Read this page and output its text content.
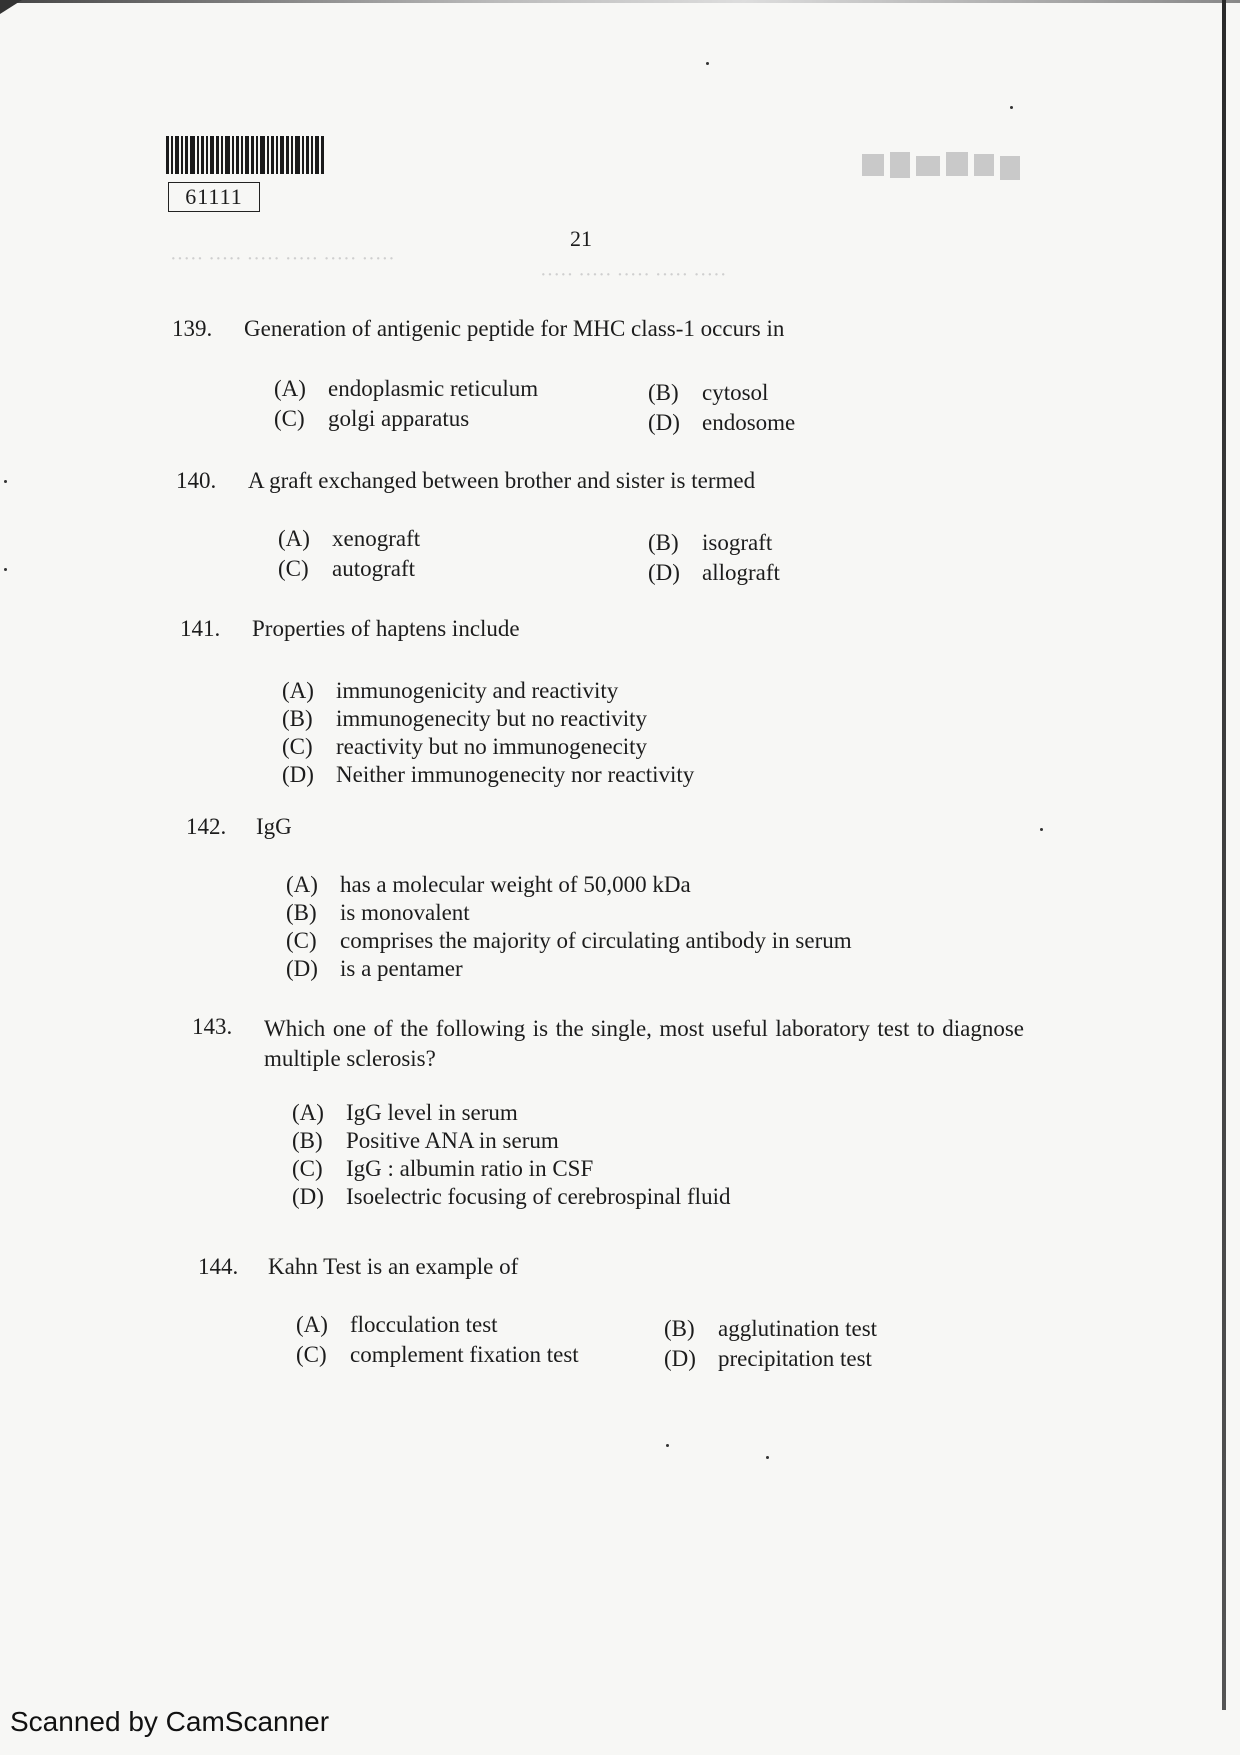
61111
21
····· ····· ····· ····· ····· ·····
····· ····· ····· ····· ·····
139. Generation of antigenic peptide for MHC class-1 occurs in
(A) endoplasmic reticulum	(B) cytosol
(C) golgi apparatus	(D) endosome
140. A graft exchanged between brother and sister is termed
(A) xenograft	(B) isograft
(C) autograft	(D) allograft
141. Properties of haptens include
(A) immunogenicity and reactivity
(B) immunogenecity but no reactivity
(C) reactivity but no immunogenecity
(D) Neither immunogenecity nor reactivity
142. IgG
(A) has a molecular weight of 50,000 kDa
(B) is monovalent
(C) comprises the majority of circulating antibody in serum
(D) is a pentamer
143. Which one of the following is the single, most useful laboratory test to diagnose multiple sclerosis?
(A) IgG level in serum
(B) Positive ANA in serum
(C) IgG : albumin ratio in CSF
(D) Isoelectric focusing of cerebrospinal fluid
144. Kahn Test is an example of
(A) flocculation test	(B) agglutination test
(C) complement fixation test	(D) precipitation test
Scanned by CamScanner
